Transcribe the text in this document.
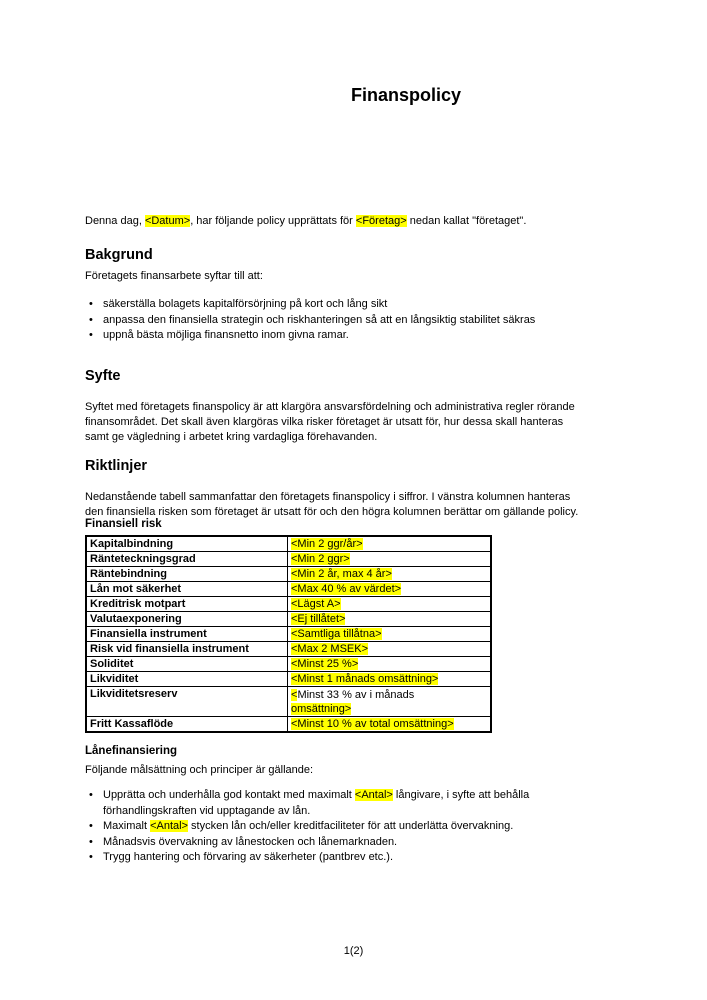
Finanspolicy

Denna dag, <Datum>, har följande policy upprättats för <Företag> nedan kallat "företaget".

Bakgrund
Företagets finansarbete syftar till att:
• säkerställa bolagets kapitalförsörjning på kort och lång sikt
• anpassa den finansiella strategin och riskhanteringen så att en långsiktig stabilitet säkras
• uppnå bästa möjliga finansnetto inom givna ramar.
Syfte

Syftet med företagets finanspolicy är att klargöra ansvarsfördelning och administrativa regler rörande
finansområdet. Det skall även klargöras vilka risker företaget är utsatt för, hur dessa skall hanteras
samt ge vägledning i arbetet kring vardagliga förehavanden.

Riktlinjer

Nedanstående tabell sammanfattar den företagets finanspolicy i siffror. I vänstra kolumnen hanteras
den finansiella risken som företaget är utsatt för och den högra kolumnen berättar om gällande policy.

Finansiell risk
Kapitalbindning	<Min 2 ggr/år>
Ränteteckningsgrad	<Min 2 ggr>
Räntebindning	<Min 2 år, max 4 år>
Lån mot säkerhet	<Max 40 % av värdet>
Kreditrisk motpart	<Lägst A>
Valutaexponering	<Ej tillåtet>
Finansiella instrument	<Samtliga tillåtna>
Risk vid finansiella instrument	<Max 2 MSEK>
Soliditet	<Minst 25 %>
Likviditet	<Minst 1 månads omsättning>
Likviditetsreserv	<Minst 33 % av i månads
omsättning>
Fritt Kassaflöde	<Minst 10 % av total omsättning>
Lånefinansiering
Följande målsättning och principer är gällande:
• Upprätta och underhålla god kontakt med maximalt <Antal> långivare, i syfte att behålla
förhandlingskraften vid upptagande av lån.
• Maximalt <Antal> stycken lån och/eller kreditfaciliteter för att underlätta övervakning.
• Månadsvis övervakning av lånestocken och lånemarknaden.
• Trygg hantering och förvaring av säkerheter (pantbrev etc.).
1(2)
